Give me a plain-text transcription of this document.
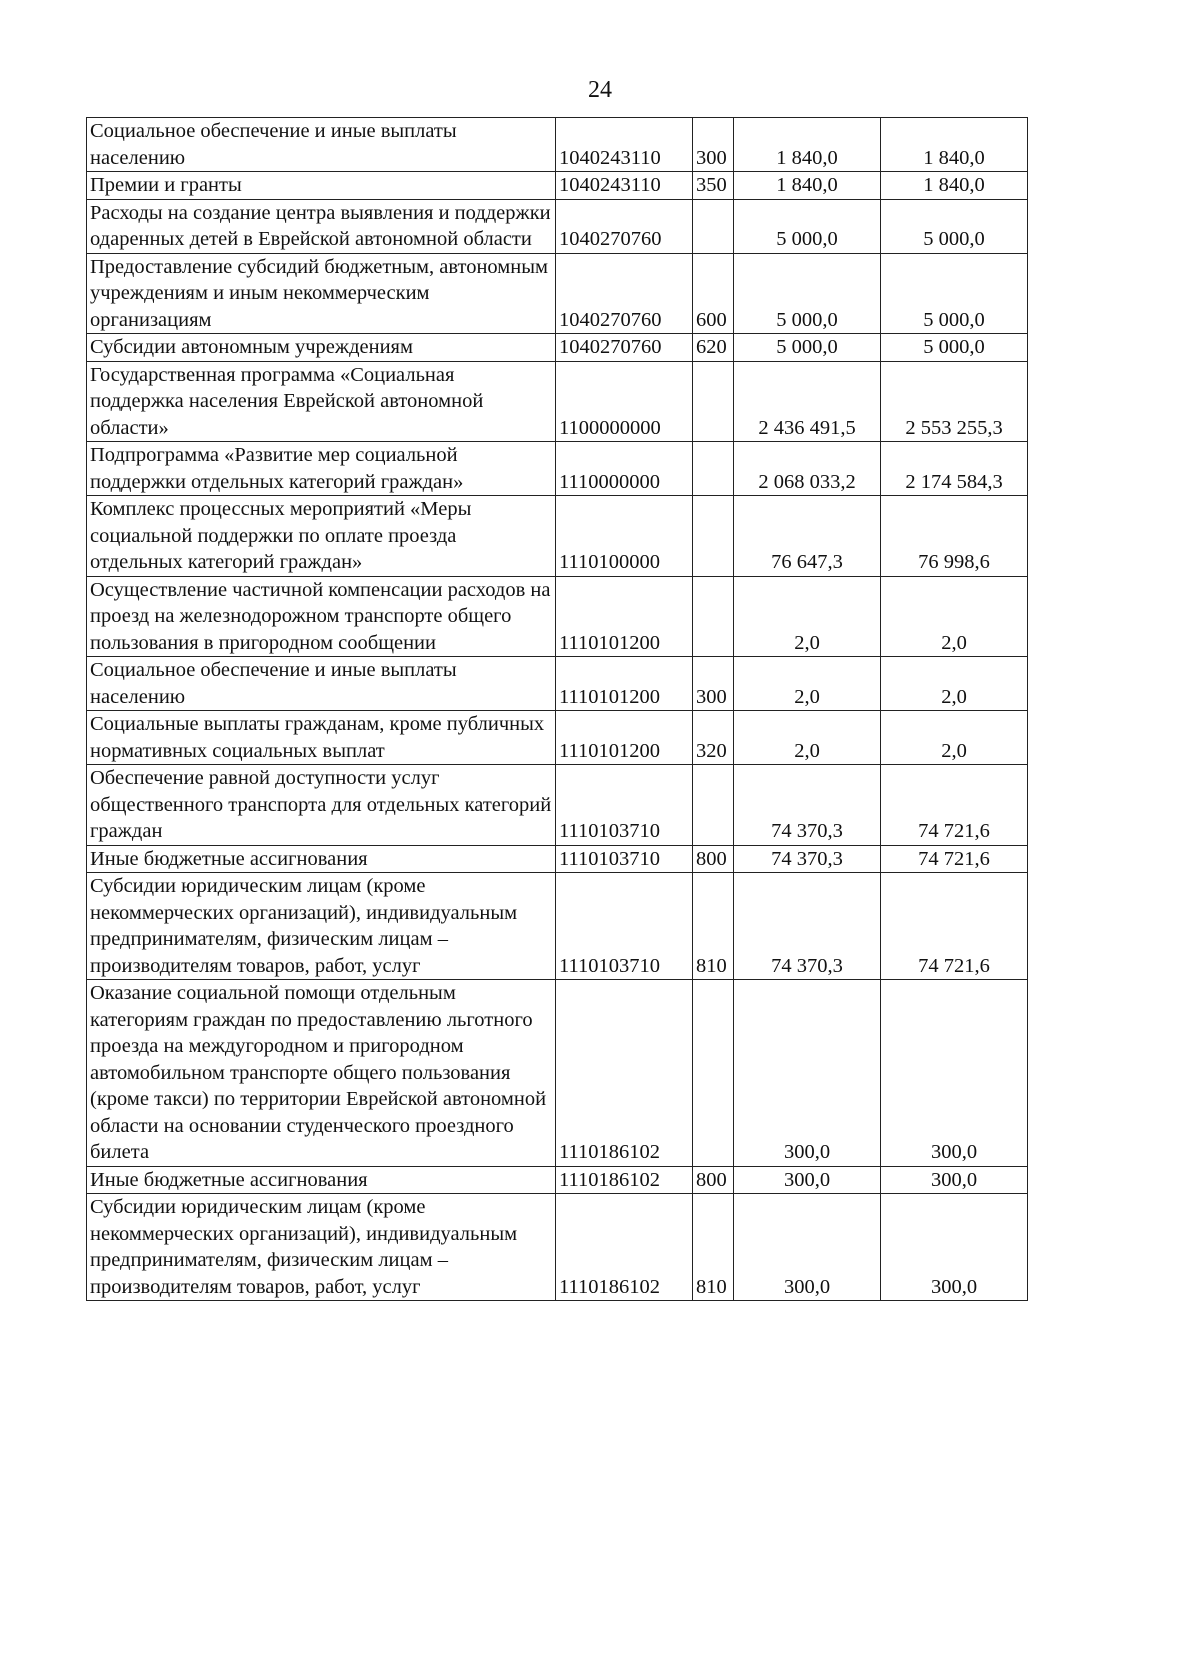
24
Социальное обеспечение и иные выплаты населению	1040243110	300	1 840,0	1 840,0
Премии и гранты	1040243110	350	1 840,0	1 840,0
Расходы на создание центра выявления и поддержки одаренных детей в Еврейской автономной области	1040270760		5 000,0	5 000,0
Предоставление субсидий бюджетным, автономным учреждениям и иным некоммерческим организациям	1040270760	600	5 000,0	5 000,0
Субсидии автономным учреждениям	1040270760	620	5 000,0	5 000,0
Государственная программа «Социальная поддержка населения Еврейской автономной области»	1100000000		2 436 491,5	2 553 255,3
Подпрограмма «Развитие мер социальной поддержки отдельных категорий граждан»	1110000000		2 068 033,2	2 174 584,3
Комплекс процессных мероприятий «Меры социальной поддержки по оплате проезда отдельных категорий граждан»	1110100000		76 647,3	76 998,6
Осуществление частичной компенсации расходов на проезд на железнодорожном транспорте общего пользования в пригородном сообщении	1110101200		2,0	2,0
Социальное обеспечение и иные выплаты населению	1110101200	300	2,0	2,0
Социальные выплаты гражданам, кроме публичных нормативных социальных выплат	1110101200	320	2,0	2,0
Обеспечение равной доступности услуг общественного транспорта для отдельных категорий граждан	1110103710		74 370,3	74 721,6
Иные бюджетные ассигнования	1110103710	800	74 370,3	74 721,6
Субсидии юридическим лицам (кроме некоммерческих организаций), индивидуальным предпринимателям, физическим лицам – производителям товаров, работ, услуг	1110103710	810	74 370,3	74 721,6
Оказание социальной помощи отдельным категориям граждан по предоставлению льготного проезда на междугородном и пригородном автомобильном транспорте общего пользования (кроме такси) по территории Еврейской автономной области на основании студенческого проездного билета	1110186102		300,0	300,0
Иные бюджетные ассигнования	1110186102	800	300,0	300,0
Субсидии юридическим лицам (кроме некоммерческих организаций), индивидуальным предпринимателям, физическим лицам – производителям товаров, работ, услуг	1110186102	810	300,0	300,0
